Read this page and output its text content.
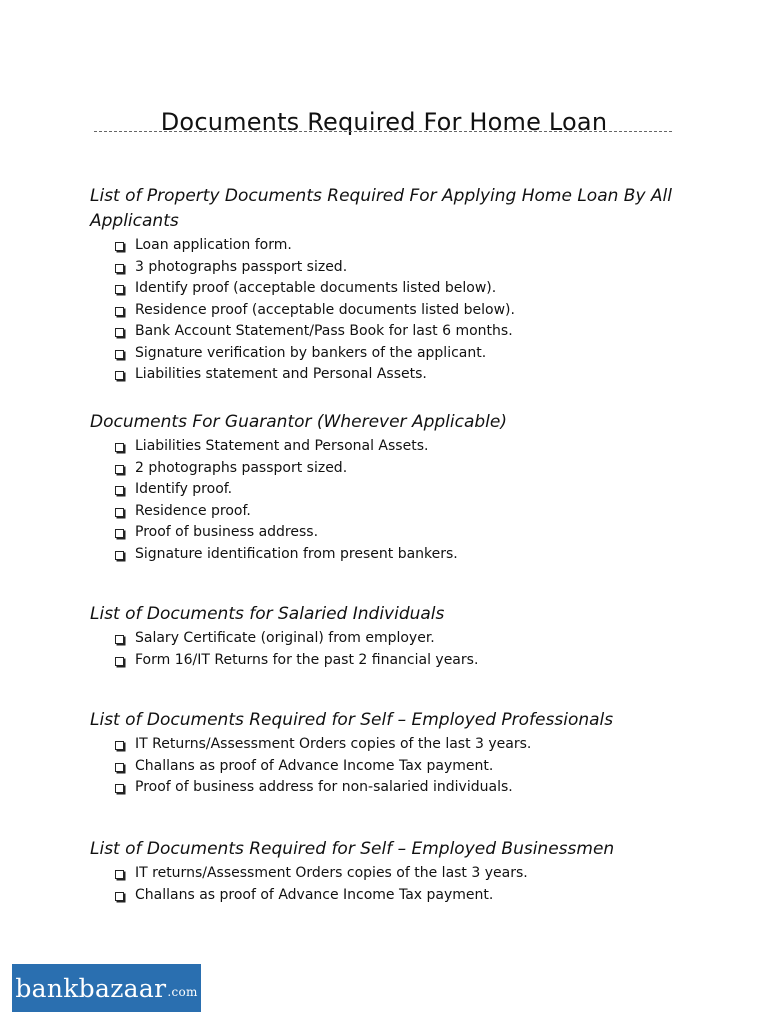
Documents Required For Home Loan
List of Property Documents Required For Applying Home Loan By All Applicants
Loan application form.
3 photographs passport sized.
Identify proof (acceptable documents listed below).
Residence proof (acceptable documents listed below).
Bank Account Statement/Pass Book for last 6 months.
Signature verification by bankers of the applicant.
Liabilities statement and Personal Assets.
Documents For Guarantor (Wherever Applicable)
Liabilities Statement and Personal Assets.
2 photographs passport sized.
Identify proof.
Residence proof.
Proof of business address.
Signature identification from present bankers.
List of Documents for Salaried Individuals
Salary Certificate (original) from employer.
Form 16/IT Returns for the past 2 financial years.
List of Documents Required for Self – Employed Professionals
IT Returns/Assessment Orders copies of the last 3 years.
Challans as proof of Advance Income Tax payment.
Proof of business address for non-salaried individuals.
List of Documents Required for Self – Employed Businessmen
IT returns/Assessment Orders copies of the last 3 years.
Challans as proof of Advance Income Tax payment.
bankbazaar .com
